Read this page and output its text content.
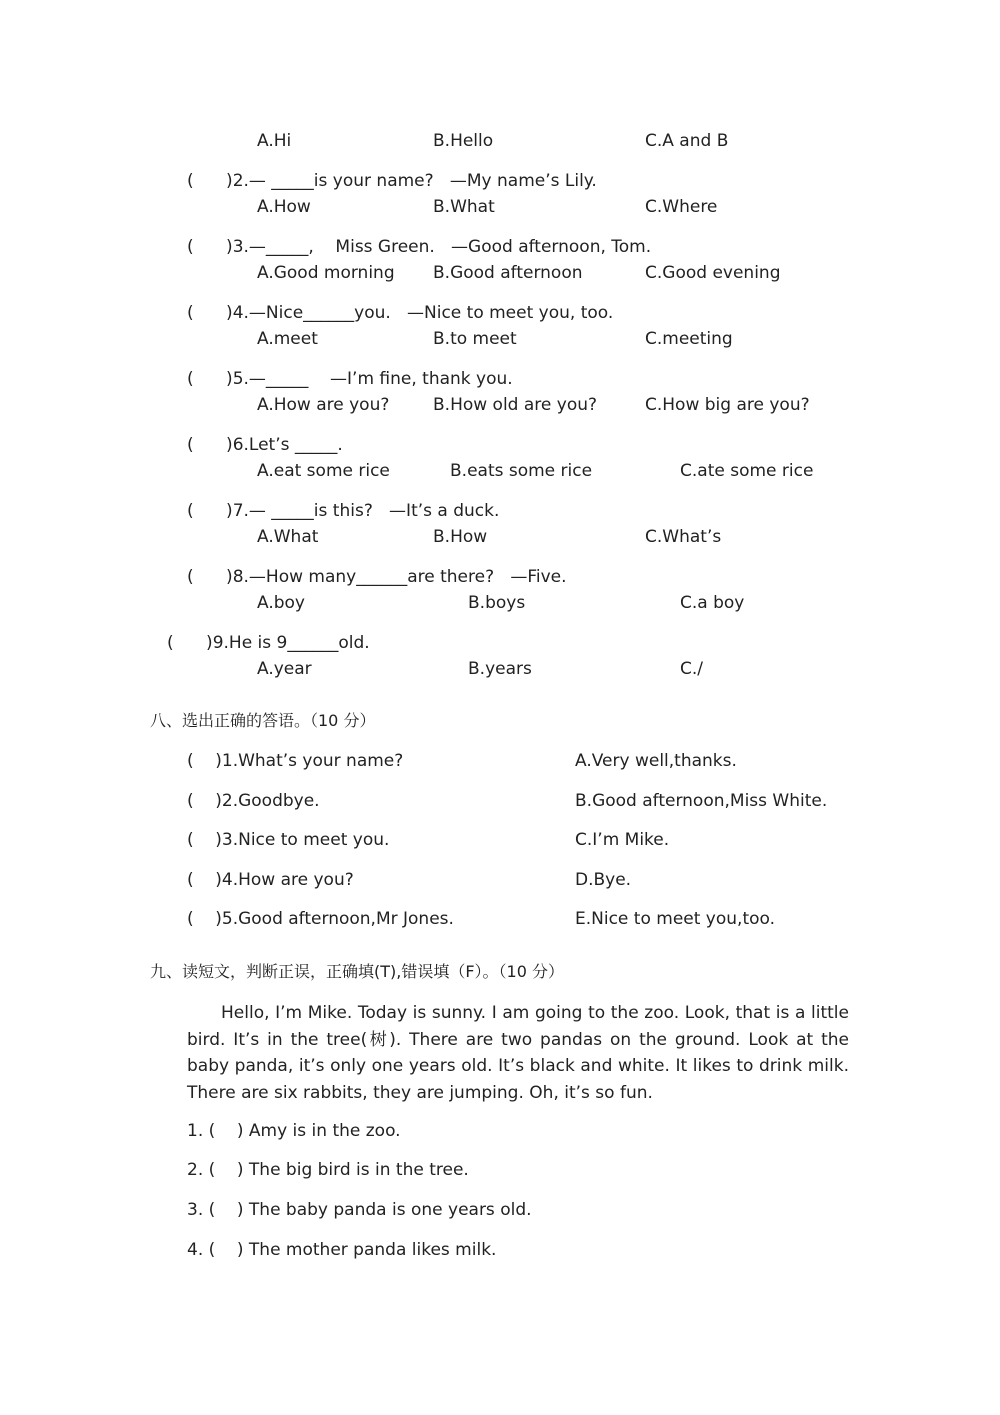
A.Hi	B.Hello	C.A and B
(      )2.— _____is your name?   —My name’s Lily.
A.How	B.What	C.Where
(      )3.—_____,    Miss Green.   —Good afternoon, Tom.
A.Good morning B.Good afternoon	C.Good evening
(      )4.—Nice______you.   —Nice to meet you, too.
A.meet	B.to meet	C.meeting
(      )5.—_____    —I’m fine, thank you.
A.How are you?	B.How old are you?	C.How big are you?
(      )6.Let’s _____.
A.eat some rice	B.eats some rice	C.ate some rice
(      )7.— _____is this?   —It’s a duck.
A.What	B.How	C.What’s
(      )8.—How many______are there?   —Five.
A.boy	B.boys	C.a boy
(      )9.He is 9______old.
A.year	B.years	C./
八、选出正确的答语。（10 分）
(    )1.What’s your name?	A.Very well,thanks.
(    )2.Goodbye.	B.Good afternoon,Miss White.
(    )3.Nice to meet you.	C.I’m Mike.
(    )4.How are you?	D.Bye.
(    )5.Good afternoon,Mr Jones.	E.Nice to meet you,too.
九、读短文，判断正误，正确填(T),错误填（F）。（10 分）
Hello, I’m Mike. Today is sunny. I am going to the zoo. Look, that is a little bird. It’s in the tree(树). There are two pandas on the ground. Look at the baby panda, it’s only one years old. It’s black and white. It likes to drink milk. There are six rabbits, they are jumping. Oh, it’s so fun.
1. (    ) Amy is in the zoo.
2. (    ) The big bird is in the tree.
3. (    ) The baby panda is one years old.
4. (    ) The mother panda likes milk.
